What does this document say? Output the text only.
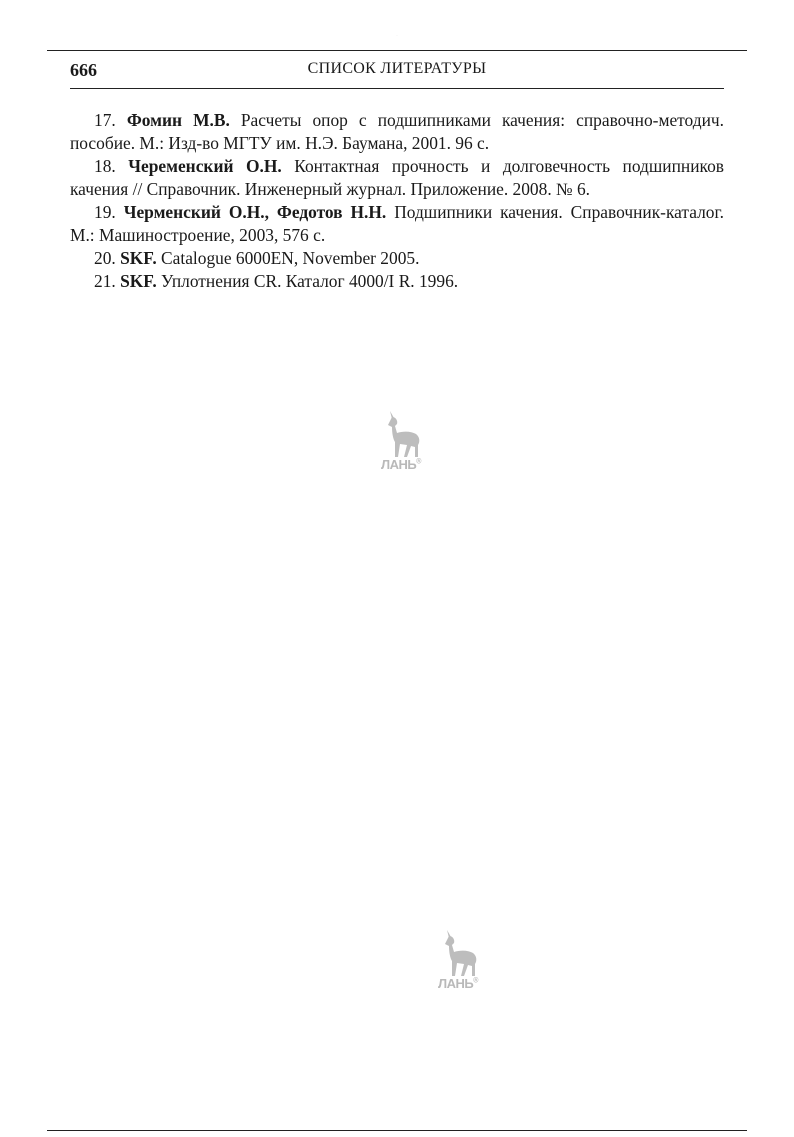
·
СПИСОК ЛИТЕРАТУРЫ
666

17. Фомин М.В. Расчеты опор с подшипниками качения: справочно-методич. пособие. М.: Изд-во МГТУ им. Н.Э. Баумана, 2001. 96 с.

18. Череменский О.Н. Контактная прочность и долговечность подшипников качения // Справочник. Инженерный журнал. Приложение. 2008. № 6.

19. Черменский О.Н., Федотов Н.Н. Подшипники качения. Справочник-каталог. М.: Машиностроение, 2003, 576 с.

20. SKF. Catalogue 6000EN, November 2005.

21. SKF. Уплотнения CR. Каталог 4000/I R. 1996.

ЛАНЬ®
ЛАНЬ®
